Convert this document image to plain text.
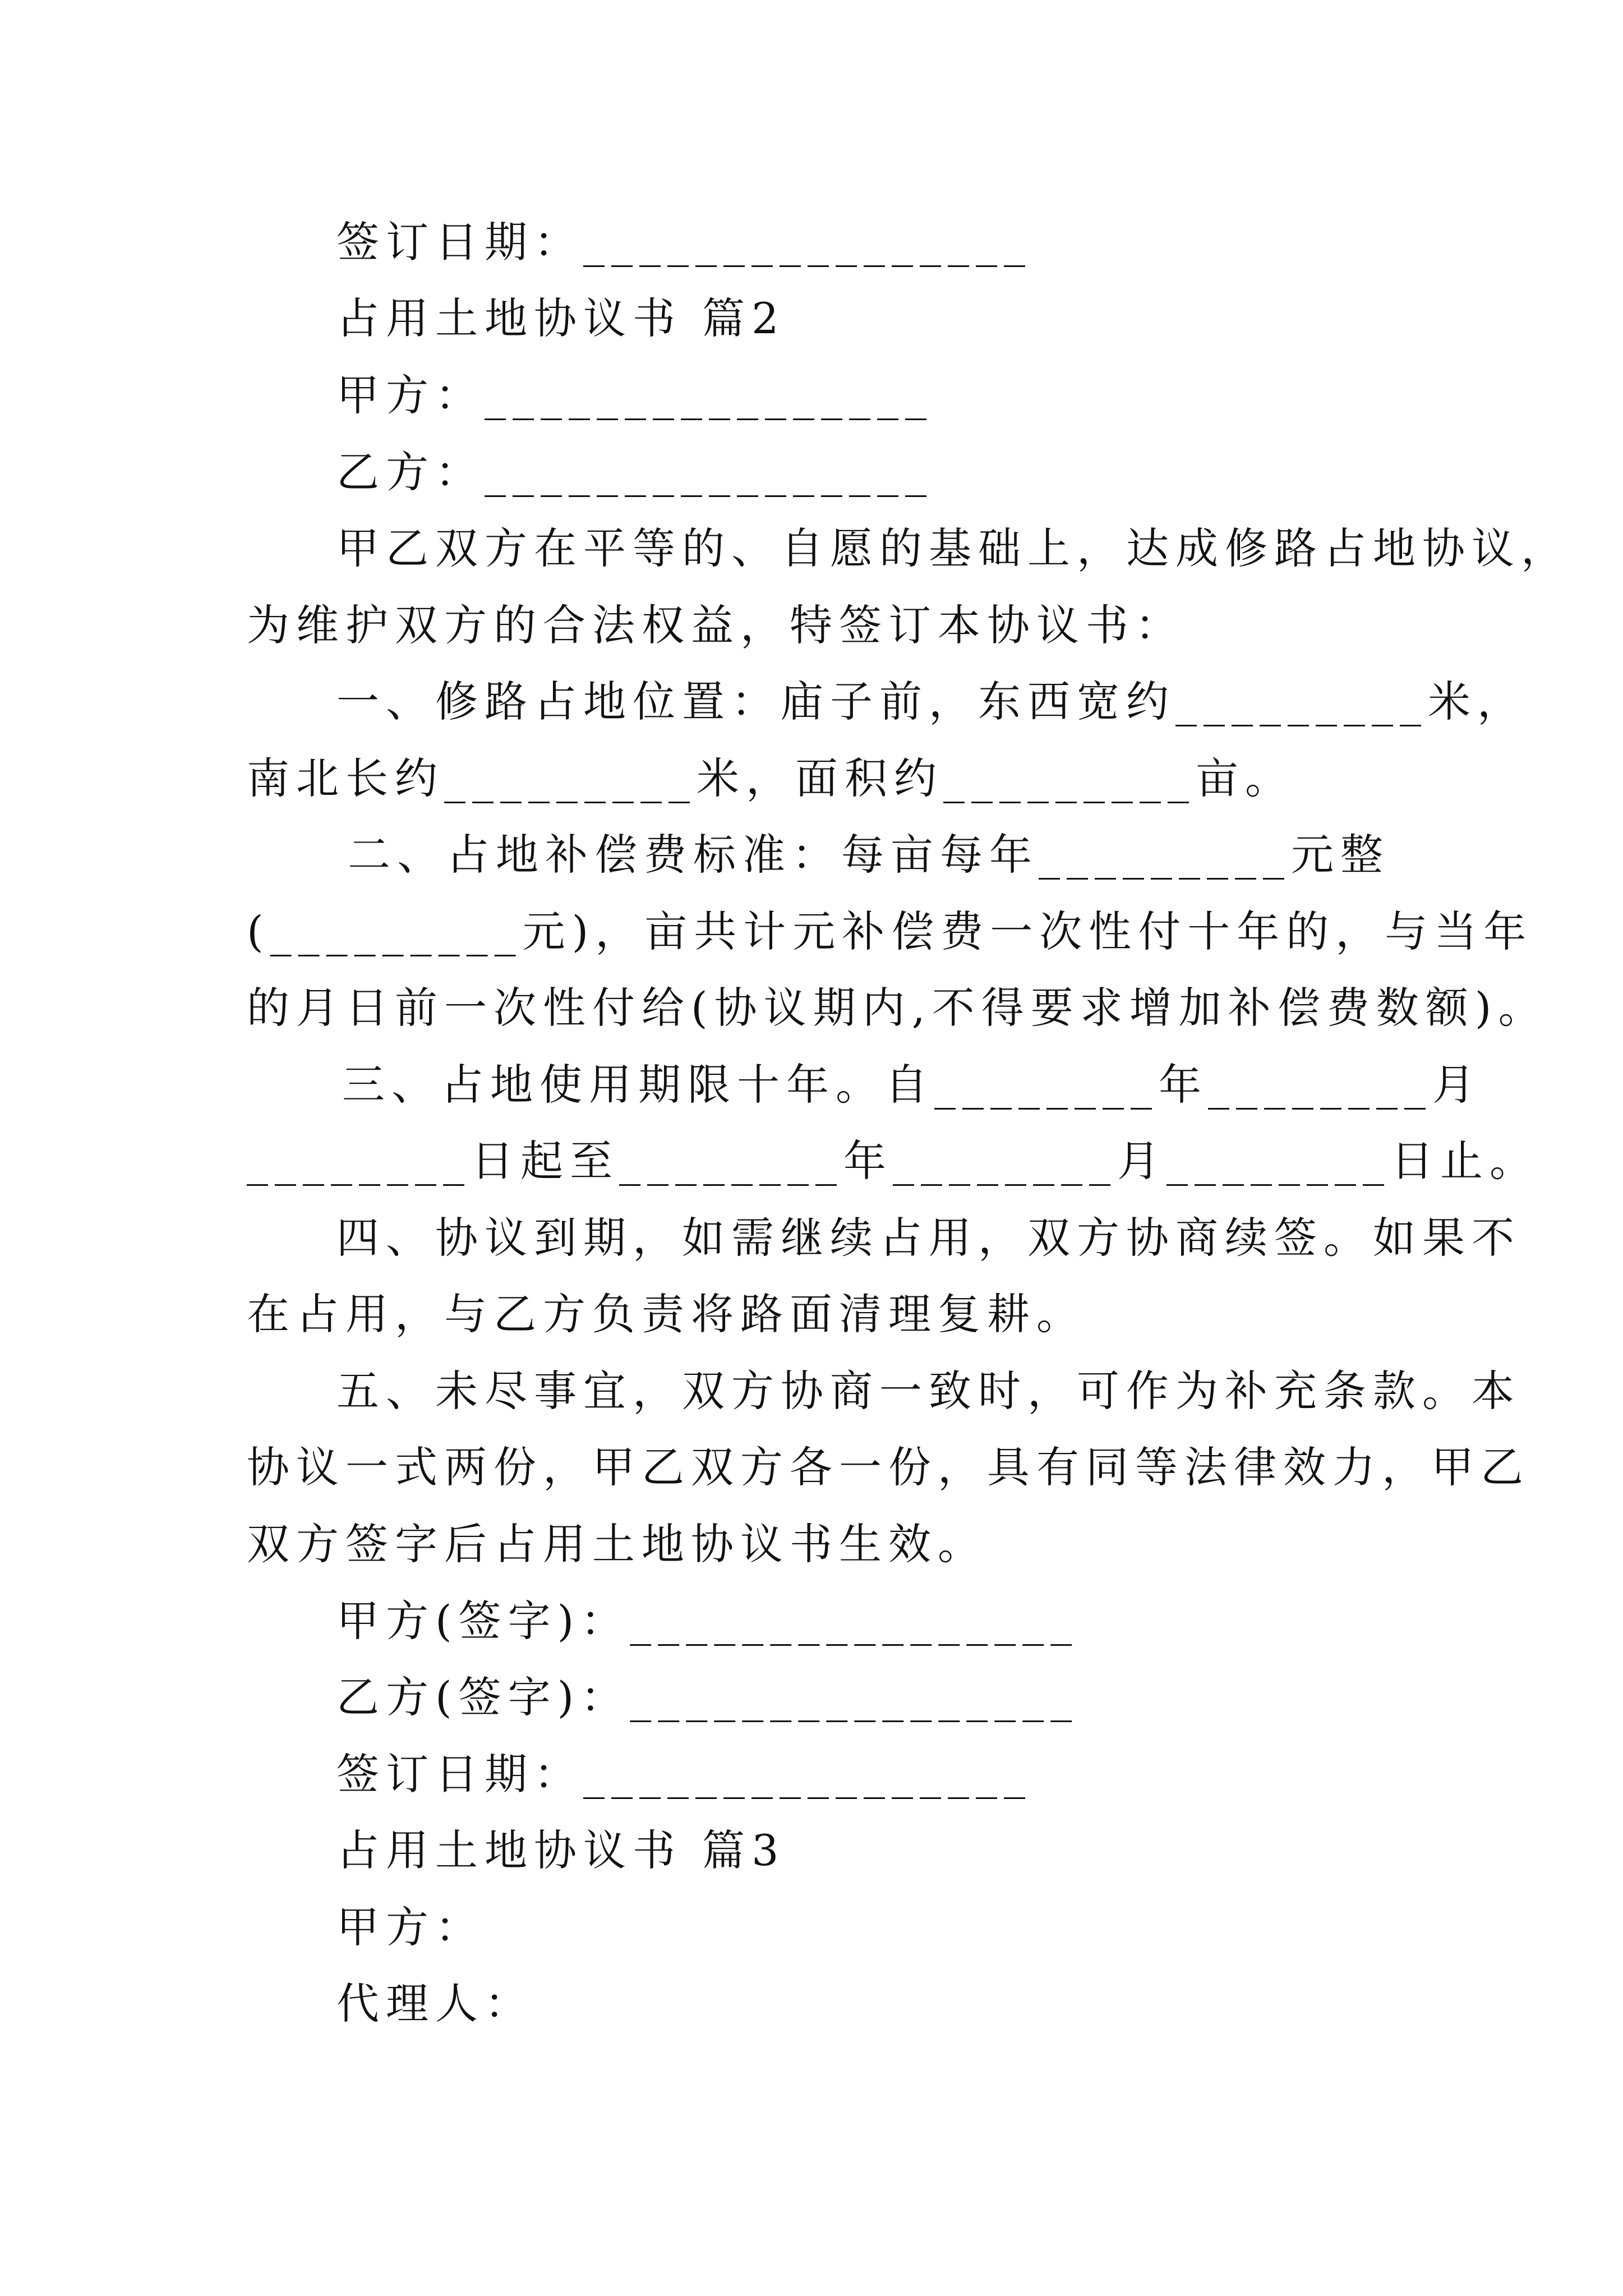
签订日期：________________
占用土地协议书 篇2
甲方：________________
乙方：________________
甲乙双方在平等的、自愿的基础上，达成修路占地协议，
为维护双方的合法权益，特签订本协议书：
一、修路占地位置：庙子前，东西宽约_________米，
南北长约_________米，面积约_________亩。
二、占地补偿费标准：每亩每年_________元整
(_________元)，亩共计元补偿费一次性付十年的，与当年
的月日前一次性付给(协议期内,不得要求增加补偿费数额)。
三、占地使用期限十年。自________年________月
________日起至________年________月________日止。
四、协议到期，如需继续占用，双方协商续签。如果不
在占用，与乙方负责将路面清理复耕。
五、未尽事宜，双方协商一致时，可作为补充条款。本
协议一式两份，甲乙双方各一份，具有同等法律效力，甲乙
双方签字后占用土地协议书生效。
甲方(签字)：________________
乙方(签字)：________________
签订日期：________________
占用土地协议书 篇3
甲方：
代理人：
